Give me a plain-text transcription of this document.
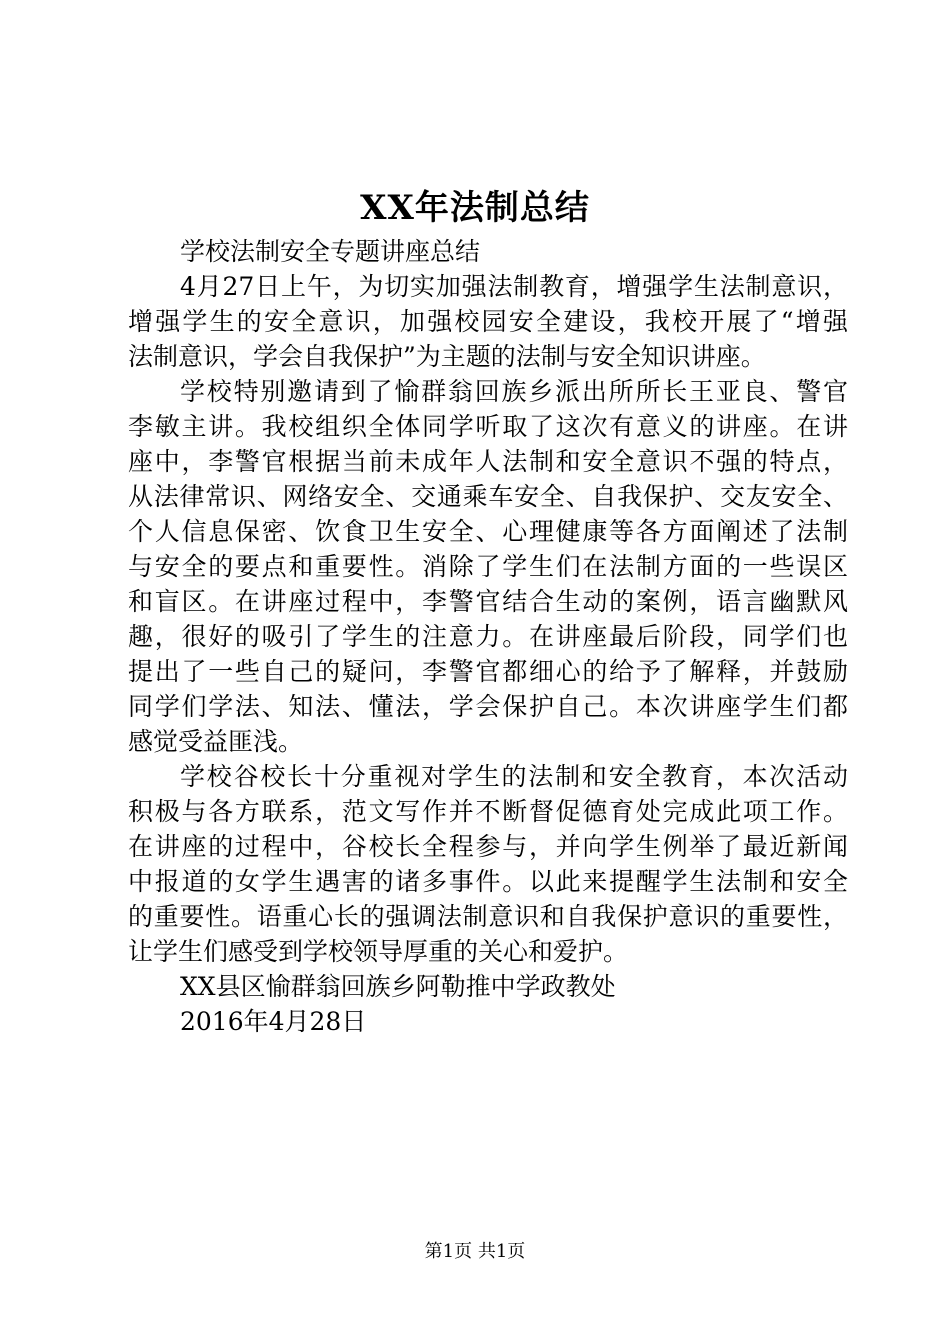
XX年法制总结
学校法制安全专题讲座总结
4月27日上午，为切实加强法制教育，增强学生法制意识，
增强学生的安全意识，加强校园安全建设，我校开展了“增强
法制意识，学会自我保护”为主题的法制与安全知识讲座。
学校特别邀请到了愉群翁回族乡派出所所长王亚良、警官
李敏主讲。我校组织全体同学听取了这次有意义的讲座。在讲
座中，李警官根据当前未成年人法制和安全意识不强的特点，
从法律常识、网络安全、交通乘车安全、自我保护、交友安全、
个人信息保密、饮食卫生安全、心理健康等各方面阐述了法制
与安全的要点和重要性。消除了学生们在法制方面的一些误区
和盲区。在讲座过程中，李警官结合生动的案例，语言幽默风
趣，很好的吸引了学生的注意力。在讲座最后阶段，同学们也
提出了一些自己的疑问，李警官都细心的给予了解释，并鼓励
同学们学法、知法、懂法，学会保护自己。本次讲座学生们都
感觉受益匪浅。
学校谷校长十分重视对学生的法制和安全教育，本次活动
积极与各方联系，范文写作并不断督促德育处完成此项工作。
在讲座的过程中，谷校长全程参与，并向学生例举了最近新闻
中报道的女学生遇害的诸多事件。以此来提醒学生法制和安全
的重要性。语重心长的强调法制意识和自我保护意识的重要性，
让学生们感受到学校领导厚重的关心和爱护。
XX县区愉群翁回族乡阿勒推中学政教处
2016年4月28日
第1页 共1页
